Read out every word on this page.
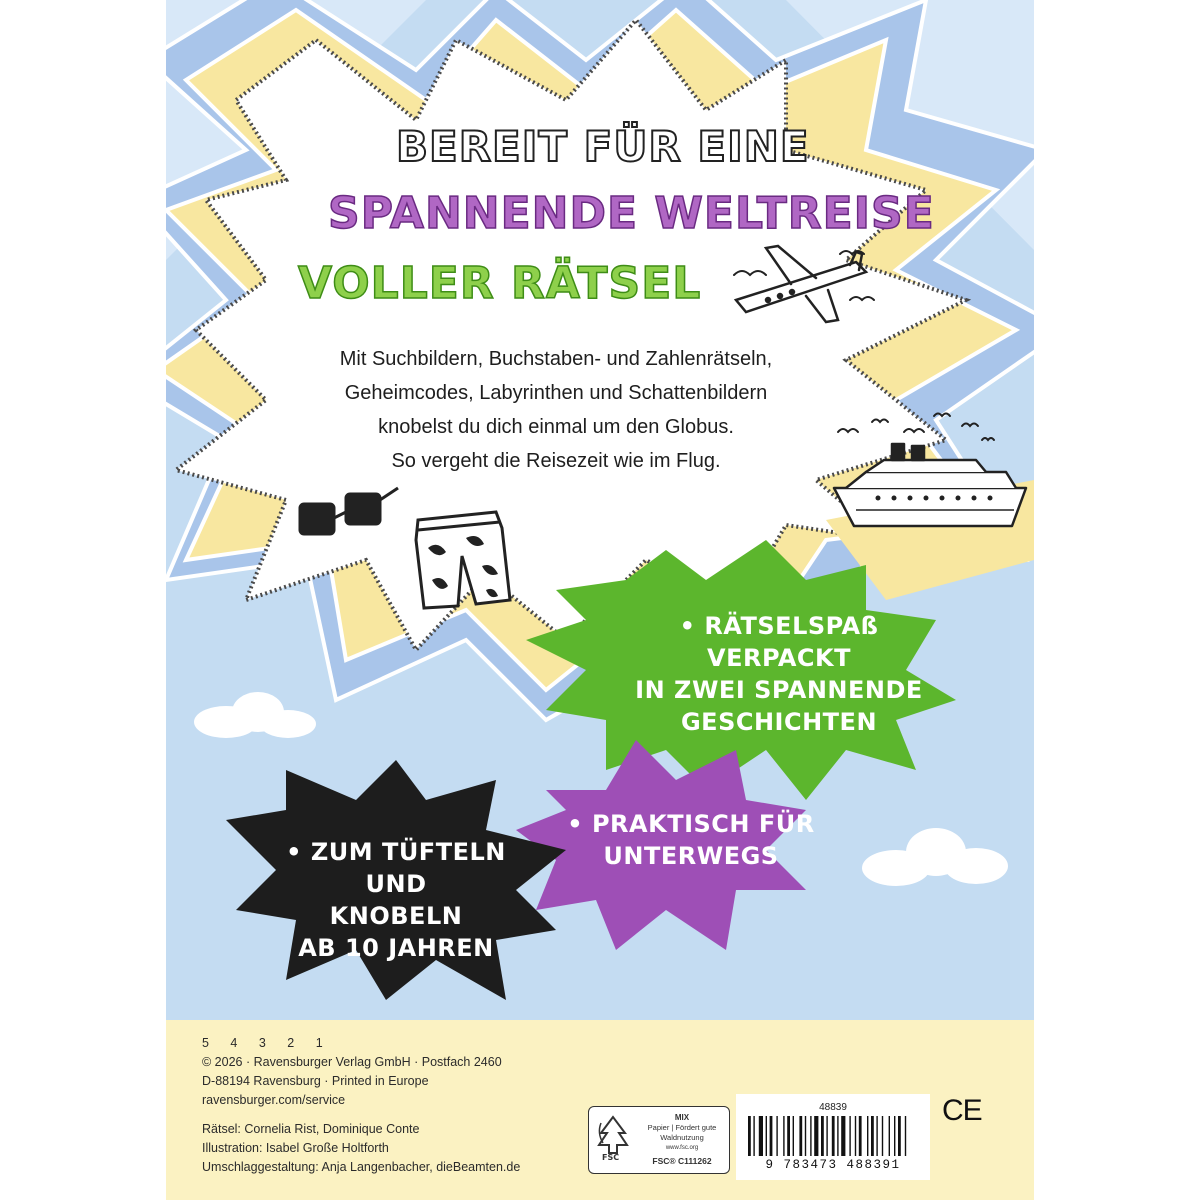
BEREIT FÜR EINE
SPANNENDE WELTREISE
VOLLER RÄTSEL

Mit Suchbildern, Buchstaben- und Zahlenrätseln,

Geheimcodes, Labyrinthen und Schattenbildern

knobelst du dich einmal um den Globus.

So vergeht die Reisezeit wie im Flug.

• RÄTSELSPAß VERPACKT
IN ZWEI SPANNENDE
GESCHICHTEN
• PRAKTISCH FÜR
UNTERWEGS
• ZUM TÜFTELN UND
KNOBELN
AB 10 JAHREN
5 4 3 2 1
© 2026 · Ravensburger Verlag GmbH · Postfach 2460
D-88194 Ravensburg · Printed in Europe
ravensburger.com/service
Rätsel: Cornelia Rist, Dominique Conte
Illustration: Isabel Große Holtforth
Umschlaggestaltung: Anja Langenbacher, dieBeamten.de
FSC
MIX
Papier | Fördert gute Waldnutzung
www.fsc.org
FSC® C111262
48839
9 783473 488391
CE
